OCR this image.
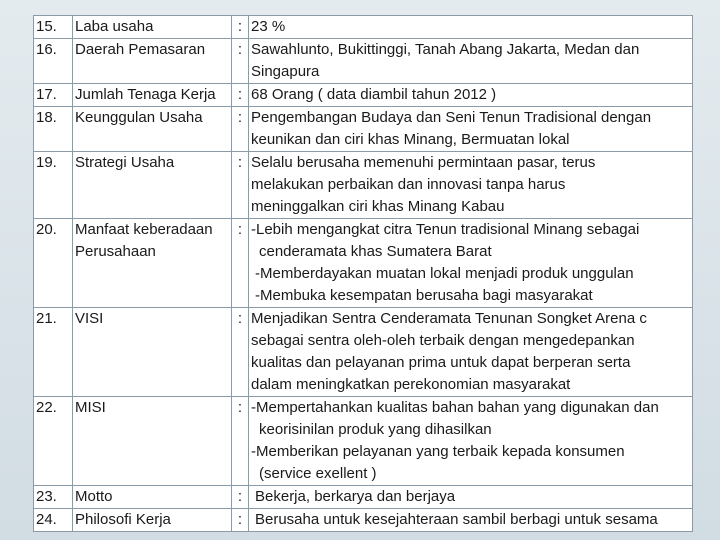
15.	Laba usaha	:	23 %

16.	Daerah Pemasaran	:	Sawahlunto, Bukittinggi, Tanah Abang Jakarta, Medan dan
Singapura

17.	Jumlah Tenaga Kerja	:	68 Orang ( data diambil tahun 2012 )

18.	Keunggulan Usaha	:	Pengembangan Budaya dan Seni Tenun Tradisional dengan
keunikan dan ciri khas Minang, Bermuatan lokal

19.	Strategi Usaha	:	Selalu berusaha memenuhi permintaan pasar, terus
melakukan perbaikan dan innovasi tanpa harus
meninggalkan ciri khas Minang Kabau

20.	Manfaat keberadaan
Perusahaan	:	-Lebih mengangkat citra Tenun tradisional Minang sebagai
cenderamata khas Sumatera Barat
-Memberdayakan muatan lokal menjadi produk unggulan
-Membuka kesempatan berusaha bagi masyarakat

21.	VISI	:	Menjadikan Sentra Cenderamata Tenunan Songket Arena c
sebagai sentra oleh-oleh terbaik dengan mengedepankan
kualitas dan pelayanan prima untuk dapat berperan serta
dalam meningkatkan perekonomian masyarakat

22.	MISI	:	-Mempertahankan kualitas bahan bahan yang digunakan dan
keorisinilan produk yang dihasilkan
-Memberikan pelayanan yang terbaik kepada konsumen
(service exellent )

23.	Motto	:	Bekerja, berkarya dan berjaya

24.	Philosofi Kerja	:	Berusaha untuk kesejahteraan sambil berbagi untuk sesama
